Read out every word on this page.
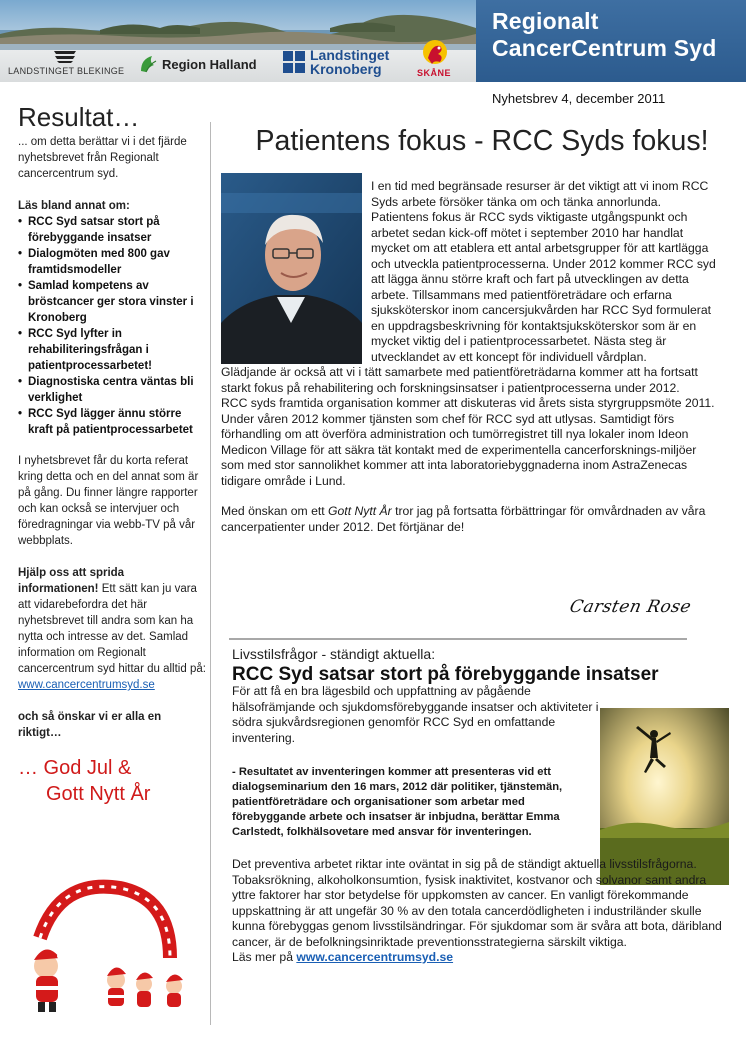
LANDSTINGET BLEKINGE	Region Halland
Landstinget
Kronoberg	SKÅNE
Regionalt
CancerCentrum Syd
Nyhetsbrev 4, december 2011
Resultat…

... om detta berättar vi i det fjärde nyhetsbrevet från Regionalt cancercentrum syd.

Läs bland annat om:

• RCC Syd satsar stort på förebyggande insatser
• Dialogmöten med 800 gav framtidsmodeller
• Samlad kompetens av bröstcancer ger stora vinster i Kronoberg
• RCC Syd lyfter in rehabiliteringsfrågan i patientprocessarbetet!
• Diagnostiska centra väntas bli verklighet
• RCC Syd lägger ännu större kraft på patientprocessarbetet

I nyhetsbrevet får du korta referat kring detta och en del annat som är på gång. Du finner längre rapporter och kan också se intervjuer och föredragningar via webb-TV på vår webbplats.

Hjälp oss att sprida informationen! Ett sätt kan ju vara att vidarebefordra det här nyhetsbrevet till andra som kan ha nytta och intresse av det. Samlad information om Regionalt cancercentrum syd hittar du alltid på:

www.cancercentrumsyd.se

och så önskar vi er alla en riktigt…

… God Jul &
Gott Nytt År
Patientens fokus - RCC Syds fokus!

I en tid med begränsade resurser är det viktigt att vi inom RCC Syds arbete försöker tänka om och tänka annorlunda. Patientens fokus är RCC syds viktigaste utgångspunkt och arbetet sedan kick-off mötet i september 2010 har handlat mycket om att etablera ett antal arbetsgrupper för att kartlägga och utveckla patientprocesserna. Under 2012 kommer RCC syd att lägga ännu större kraft och fart på utvecklingen av detta arbete. Tillsammans med patientföreträdare och erfarna sjuksköterskor inom cancersjukvården har RCC Syd formulerat en uppdragsbeskrivning för kontaktsjuksköterskor som är en mycket viktig del i patientprocessarbetet. Nästa steg är utvecklandet av ett koncept för individuell vårdplan.

Glädjande är också att vi i tätt samarbete med patientföreträdarna kommer att ha fortsatt starkt fokus på rehabilitering och forskningsinsatser i patientprocesserna under 2012.

RCC syds framtida organisation kommer att diskuteras vid årets sista styrgruppsmöte 2011. Under våren 2012 kommer tjänsten som chef för RCC syd att utlysas. Samtidigt förs förhandling om att överföra administration och tumörregistret till nya lokaler inom Ideon Medicon Village för att säkra tät kontakt med de experimentella cancerforsknings-miljöer som med stor sannolikhet kommer att inta laboratoriebyggnaderna inom AstraZenecas tidigare område i Lund.

Med önskan om ett Gott Nytt År tror jag på fortsatta förbättringar för omvårdnaden av våra cancerpatienter under 2012. Det förtjänar de!

Carsten Rose
Livsstilsfrågor - ständigt aktuella:
RCC Syd satsar stort på förebyggande insatser

För att få en bra lägesbild och uppfattning av pågående hälsofrämjande och sjukdomsförebyggande insatser och aktiviteter i södra sjukvårdsregionen genomför RCC Syd en omfattande inventering.

- Resultatet av inventeringen kommer att presenteras vid ett dialogseminarium den 16 mars, 2012 där politiker, tjänstemän, patientföreträdare och organisationer som arbetar med förebyggande arbete och insatser är inbjudna, berättar Emma Carlstedt, folkhälsovetare med ansvar för inventeringen.

Det preventiva arbetet riktar inte oväntat in sig på de ständigt aktuella livsstilsfrågorna. Tobaksrökning, alkoholkonsumtion, fysisk inaktivitet, kostvanor och solvanor samt andra yttre faktorer har stor betydelse för uppkomsten av cancer. En vanligt förekommande uppskattning är att ungefär 30 % av den totala cancerdödligheten i industriländer skulle kunna förebyggas genom livsstilsändringar. För sjukdomar som är svåra att bota, däribland cancer, är de befolkningsinriktade preventionsstrategierna särskilt viktiga.

Läs mer på www.cancercentrumsyd.se
